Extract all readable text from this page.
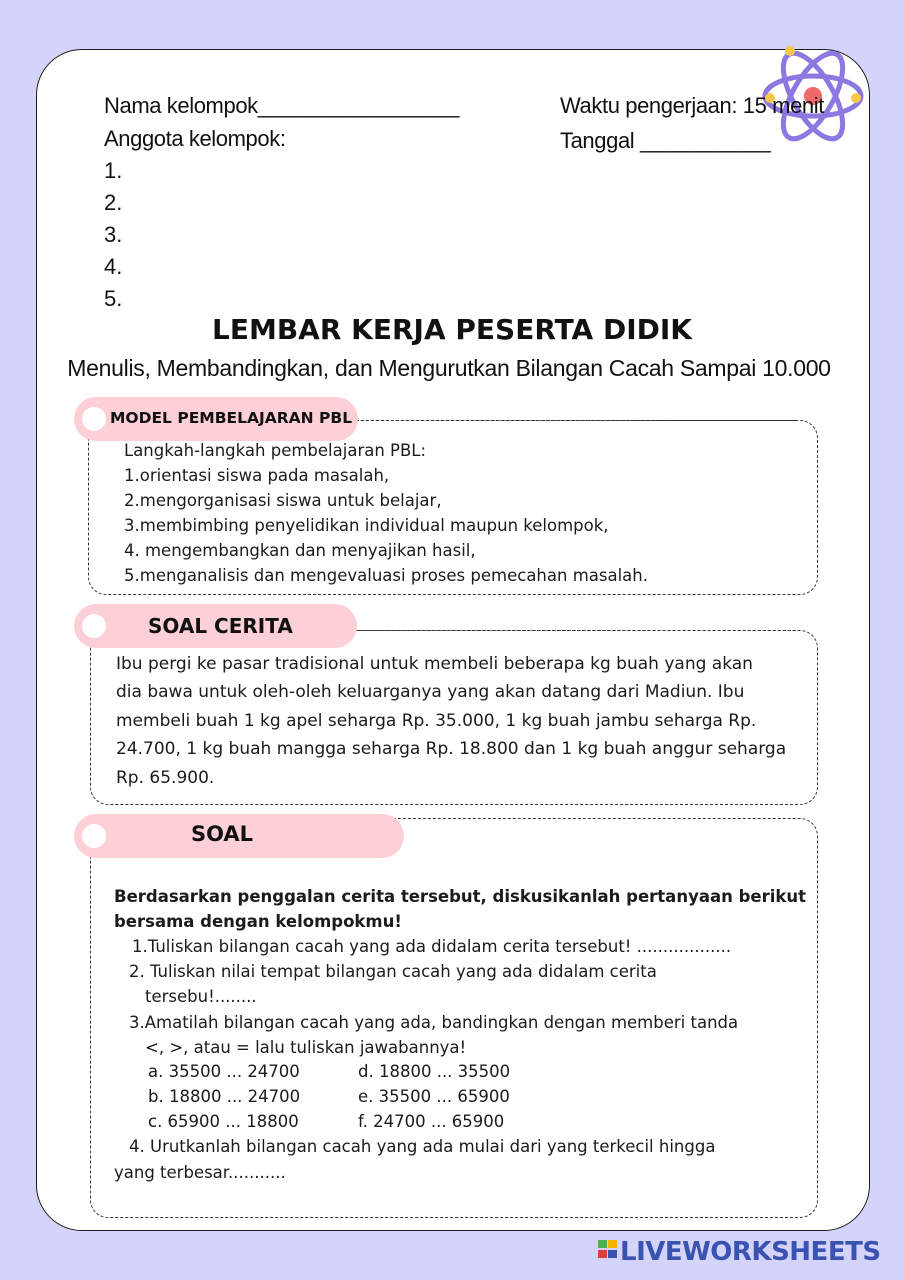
Nama kelompok_________________
Anggota kelompok:
1.
2.
3.
4.
5.
Waktu pengerjaan: 15 menit
Tanggal ___________
LEMBAR KERJA PESERTA DIDIK
Menulis, Membandingkan, dan Mengurutkan Bilangan Cacah Sampai 10.000
MODEL PEMBELAJARAN PBL
Langkah-langkah pembelajaran PBL:
1.orientasi siswa pada masalah,
2.mengorganisasi siswa untuk belajar,
3.membimbing penyelidikan individual maupun kelompok,
4. mengembangkan dan menyajikan hasil,
5.menganalisis dan mengevaluasi proses pemecahan masalah.
SOAL CERITA
Ibu pergi ke pasar tradisional untuk membeli beberapa kg buah yang akan
dia bawa untuk oleh-oleh keluarganya yang akan datang dari Madiun. Ibu
membeli buah 1 kg apel seharga Rp. 35.000, 1 kg buah jambu seharga Rp.
24.700, 1 kg buah mangga seharga Rp. 18.800 dan 1 kg buah anggur seharga
Rp. 65.900.
SOAL
Berdasarkan penggalan cerita tersebut, diskusikanlah pertanyaan berikut
bersama dengan kelompokmu!
1.Tuliskan bilangan cacah yang ada didalam cerita tersebut! ..................
2. Tuliskan nilai tempat bilangan cacah yang ada didalam cerita
tersebu!........
3.Amatilah bilangan cacah yang ada, bandingkan dengan memberi tanda
<, >, atau = lalu tuliskan jawabannya!
a. 35500 ... 24700
b. 18800 ... 24700
c. 65900 ... 18800
d. 18800 ... 35500
e. 35500 ... 65900
f. 24700 ... 65900
4. Urutkanlah bilangan cacah yang ada mulai dari yang terkecil hingga
yang terbesar...........
LIVEWORKSHEETS
